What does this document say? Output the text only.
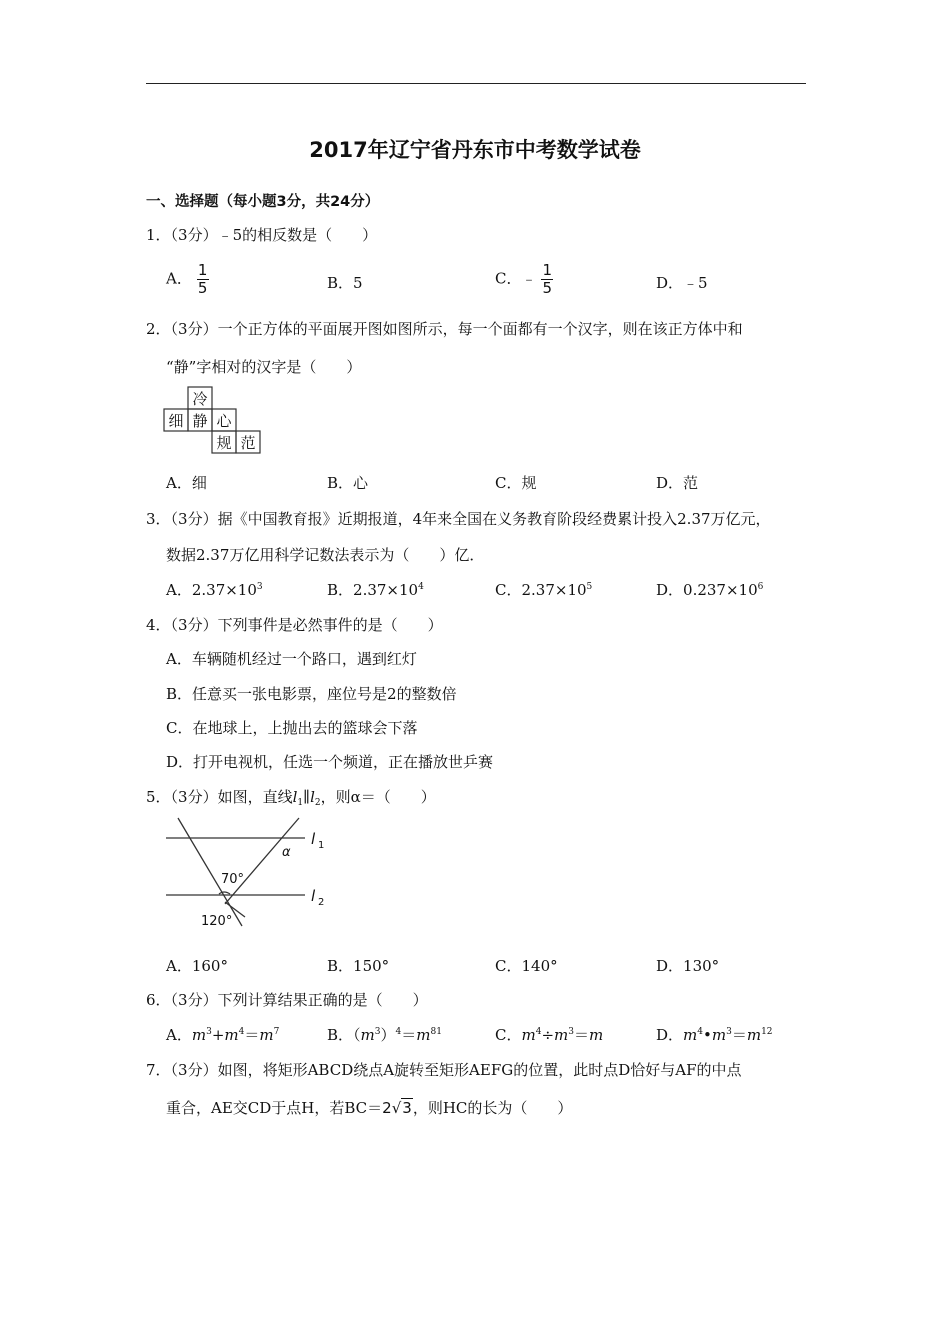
2017年辽宁省丹东市中考数学试卷
一、选择题（每小题3分，共24分）
1．（3分）﹣5的相反数是（　　）
A． $\frac{1}{5}$	B．5	C．﹣ $\frac{1}{5}$	D．﹣5
2．（3分）一个正方体的平面展开图如图所示，每一个面都有一个汉字，则在该正方体中和
“静”字相对的汉字是（　　）
冷
细 静 心
规 范
A．细	B．心	C．规	D．范
3．（3分）据《中国教育报》近期报道，4年来全国在义务教育阶段经费累计投入2.37万亿元，
数据2.37万亿用科学记数法表示为（　　）亿．
A．$2.37\times 10^3$	B．$2.37\times 10^4$	C．$2.37\times 10^5$	D．$0.237\times 10^6$
4．（3分）下列事件是必然事件的是（　　）
A．车辆随机经过一个路口，遇到红灯
B．任意买一张电影票，座位号是2的整数倍
C．在地球上，上抛出去的篮球会下落
D．打开电视机，任选一个频道，正在播放世乒赛
5．（3分）如图，直线$l_1\parallel l_2$，则α＝（　　）
l 1
l 2
α
70°
120°
A．160°	B．150°	C．140°	D．130°
6．（3分）下列计算结果正确的是（　　）
A．$m^3+m^4=m^7$	B．$(m^3)^4=m^{81}$	C．$m^4\div m^3=m$	D．$m^4•m^3=m^{12}$
7．（3分）如图，将矩形ABCD绕点A旋转至矩形AEFG的位置，此时点D恰好与AF的中点
重合，AE交CD于点H，若BC＝2√3，则HC的长为（　　）
